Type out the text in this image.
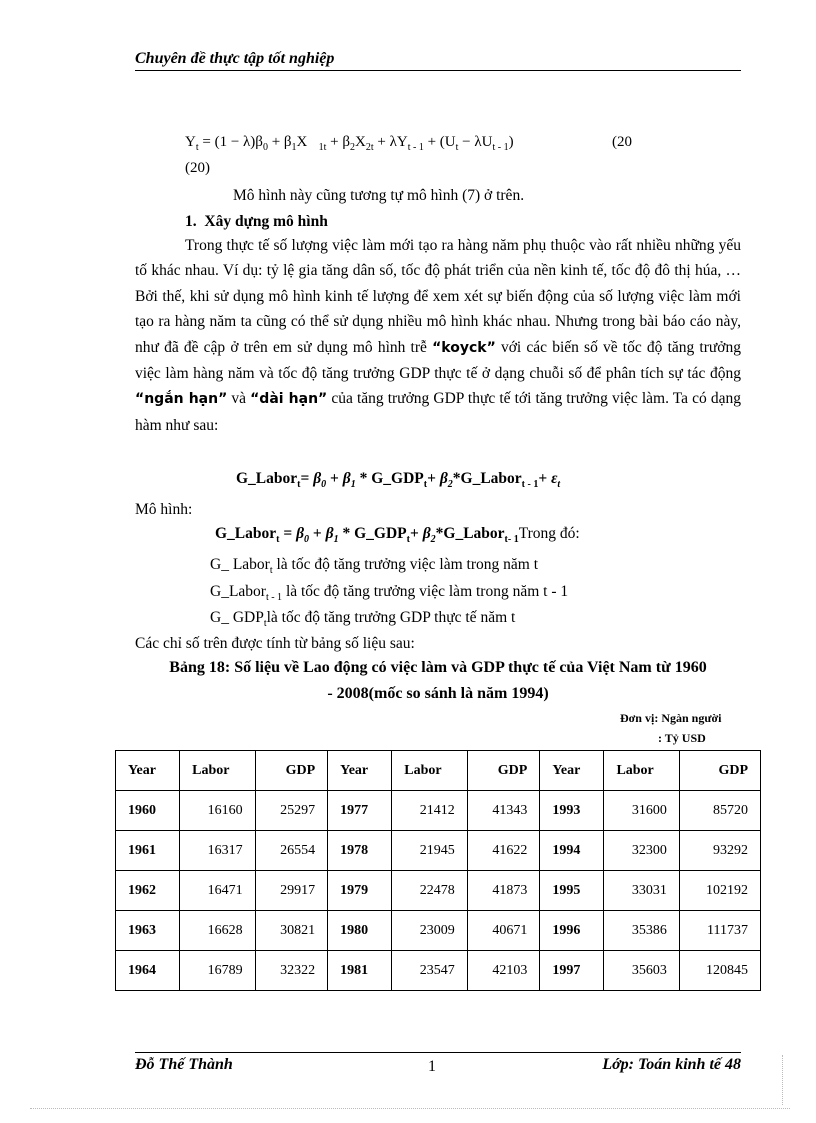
Chuyên đề thực tập tốt nghiệp
$Y_t = (1 - \lambda)\beta_0 + \beta_1X$   $_{1t} + \beta_2X_{2t} + \lambda Y_{t - 1} + (U_t - \lambda U_{t - 1})$	(20
(20)
Mô hình này cũng tương tự mô hình (7) ở trên.
1. Xây dựng mô hình
Trong thực tế số lượng việc làm mới tạo ra hàng năm phụ thuộc vào rất nhiều những yếu tố khác nhau. Ví dụ: tỷ lệ gia tăng dân số, tốc độ phát triển của nền kinh tế, tốc độ đô thị húa, … Bởi thế, khi sử dụng mô hình kinh tế lượng để xem xét sự biến động của số lượng việc làm mới tạo ra hàng năm ta cũng có thể sử dụng nhiều mô hình khác nhau. Nhưng trong bài báo cáo này, như đã đề cập ở trên em sử dụng mô hình trễ “koyck” với các biến số về tốc độ tăng trưởng việc làm hàng năm và tốc độ tăng trưởng GDP thực tế ở dạng chuỗi số để phân tích sự tác động “ngắn hạn” và “dài hạn” của tăng trưởng GDP thực tế tới tăng trưởng việc làm. Ta có dạng hàm như sau:
G_Labor$_t$= $\beta_0 + \beta_1$ * $G\_GDP_t+$ $\beta_2*G\_Labor_{t - 1}+ \varepsilon_t$
Mô hình:
G_Labor$_t$ = $\beta_0 + \beta_1$ * $G\_GDP_t+$ $\beta_2*G\_Labor_{t- 1}Trong$ đó:
G_ Labor$_t$ là tốc độ tăng trưởng việc làm trong năm t
G_Labor$_{t - 1}$ là tốc độ tăng trưởng việc làm trong năm t - 1
G_ $GDP_tlà$ tốc độ tăng trưởng GDP thực tế năm t
Các chỉ số trên được tính từ bảng số liệu sau:
Bảng 18: Số liệu về Lao động có việc làm và GDP thực tế của Việt Nam từ 1960
- 2008(mốc so sánh là năm 1994)
Đơn vị: Ngàn người
: Tỷ USD
Year	Labor	GDP	Year	Labor	GDP	Year	Labor	GDP
1960	16160	25297	1977	21412	41343	1993	31600	85720
1961	16317	26554	1978	21945	41622	1994	32300	93292
1962	16471	29917	1979	22478	41873	1995	33031	102192
1963	16628	30821	1980	23009	40671	1996	35386	111737
1964	16789	32322	1981	23547	42103	1997	35603	120845
Đỗ Thế Thành	1	Lớp: Toán kinh tế 48
